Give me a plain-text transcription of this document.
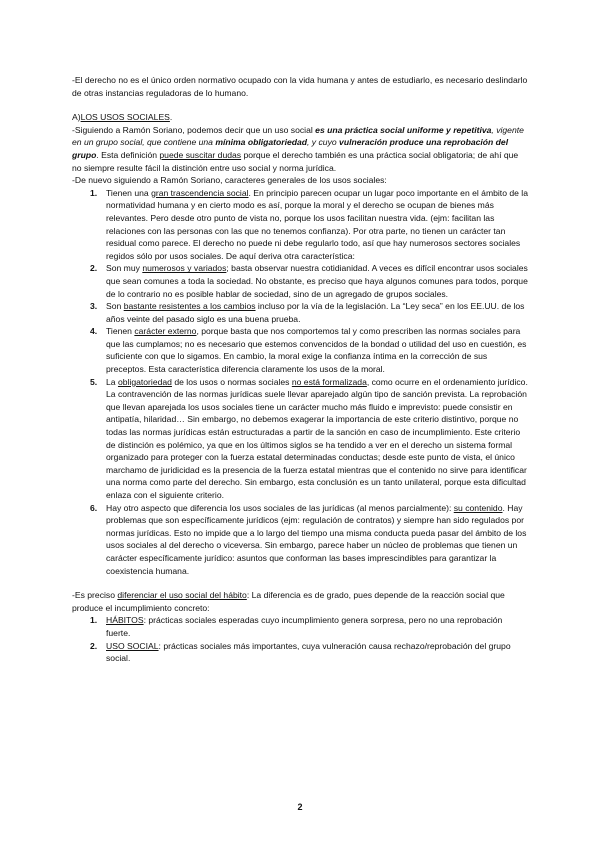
-El derecho no es el único orden normativo ocupado con la vida humana y antes de estudiarlo, es necesario deslindarlo de otras instancias reguladoras de lo humano.

A)LOS USOS SOCIALES.

-Siguiendo a Ramón Soriano, podemos decir que un uso social es una práctica social uniforme y repetitiva, vigente en un grupo social, que contiene una mínima obligatoriedad, y cuyo vulneración produce una reprobación del grupo. Esta definición puede suscitar dudas porque el derecho también es una práctica social obligatoria; de ahí que no siempre resulte fácil la distinción entre uso social y norma jurídica.

-De nuevo siguiendo a Ramón Soriano, caracteres generales de los usos sociales:

1. Tienen una gran trascendencia social. En principio parecen ocupar un lugar poco importante en el ámbito de la normatividad humana y en cierto modo es así, porque la moral y el derecho se ocupan de bienes más relevantes. Pero desde otro punto de vista no, porque los usos facilitan nuestra vida. (ejm: facilitan las relaciones con las personas con las que no tenemos confianza). Por otra parte, no tienen un carácter tan residual como parece. El derecho no puede ni debe regularlo todo, así que hay numerosos sectores sociales regidos sólo por usos sociales. De aquí deriva otra característica:
2. Son muy numerosos y variados; basta observar nuestra cotidianidad. A veces es difícil encontrar usos sociales que sean comunes a toda la sociedad. No obstante, es preciso que haya algunos comunes para todos, porque de lo contrario no es posible hablar de sociedad, sino de un agregado de grupos sociales.
3. Son bastante resistentes a los cambios incluso por la vía de la legislación. La “Ley seca” en los EE.UU. de los años veinte del pasado siglo es una buena prueba.
4. Tienen carácter externo, porque basta que nos comportemos tal y como prescriben las normas sociales para que las cumplamos; no es necesario que estemos convencidos de la bondad o utilidad del uso en cuestión, es suficiente con que lo sigamos. En cambio, la moral exige la confianza íntima en la corrección de sus preceptos. Esta característica diferencia claramente los usos de la moral.
5. La obligatoriedad de los usos o normas sociales no está formalizada, como ocurre en el ordenamiento jurídico. La contravención de las normas jurídicas suele llevar aparejado algún tipo de sanción prevista. La reprobación que llevan aparejada los usos sociales tiene un carácter mucho más fluido e imprevisto: puede consistir en antipatía, hilaridad… Sin embargo, no debemos exagerar la importancia de este criterio distintivo, porque no todas las normas jurídicas están estructuradas a partir de la sanción en caso de incumplimiento. Este criterio de distinción es polémico, ya que en los últimos siglos se ha tendido a ver en el derecho un sistema formal organizado para proteger con la fuerza estatal determinadas conductas; desde este punto de vista, el único marchamo de juridicidad es la presencia de la fuerza estatal mientras que el contenido no sirve para identificar una norma como parte del derecho. Sin embargo, esta conclusión es un tanto unilateral, porque esta dificultad enlaza con el siguiente criterio.
6. Hay otro aspecto que diferencia los usos sociales de las jurídicas (al menos parcialmente): su contenido. Hay problemas que son específicamente jurídicos (ejm: regulación de contratos) y siempre han sido regulados por normas jurídicas. Esto no impide que a lo largo del tiempo una misma conducta pueda pasar del ámbito de los usos sociales al del derecho o viceversa. Sin embargo, parece haber un núcleo de problemas que tienen un carácter específicamente jurídico: asuntos que conforman las bases imprescindibles para garantizar la coexistencia humana.

-Es preciso diferenciar el uso social del hábito: La diferencia es de grado, pues depende de la reacción social que produce el incumplimiento concreto:

1. HÁBITOS: prácticas sociales esperadas cuyo incumplimiento genera sorpresa, pero no una reprobación fuerte.
2. USO SOCIAL: prácticas sociales más importantes, cuya vulneración causa rechazo/reprobación del grupo social.
2
